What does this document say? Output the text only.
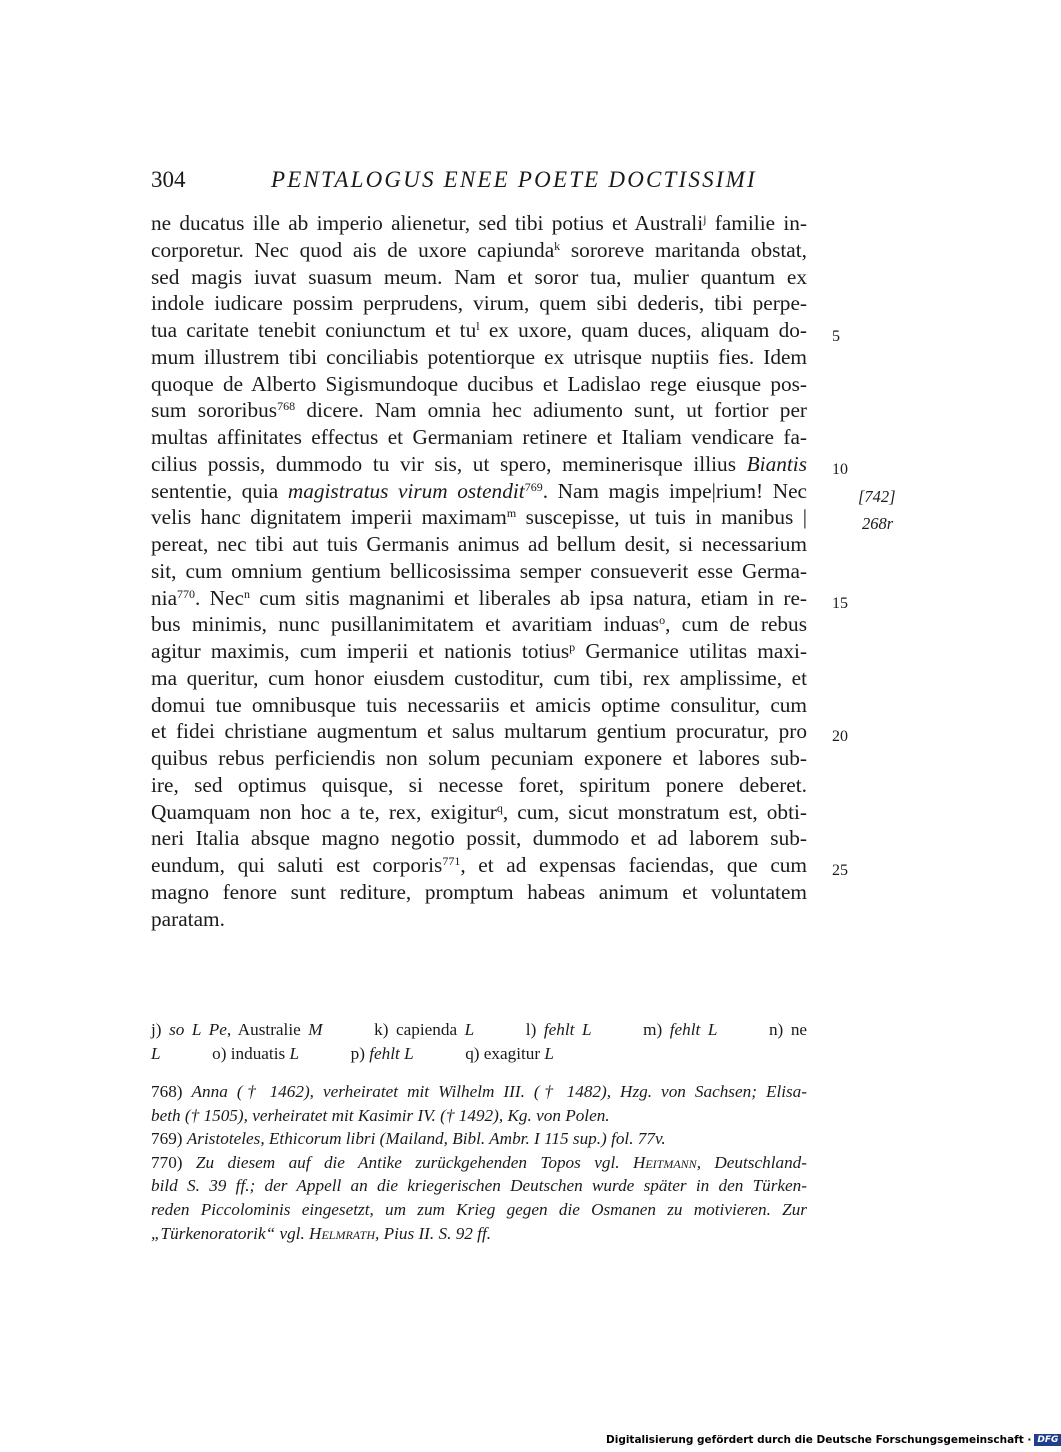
304	PENTALOGUS ENEE POETE DOCTISSIMI
ne ducatus ille ab imperio alienetur, sed tibi potius et Australi$^j$ familie in-
corporetur. Nec quod ais de uxore capiunda$^k$ sororeve maritanda obstat,
sed magis iuvat suasum meum. Nam et soror tua, mulier quantum ex
indole iudicare possim perprudens, virum, quem sibi dederis, tibi perpe-
tua caritate tenebit coniunctum et $tu^l$ ex uxore, quam duces, aliquam do-
mum illustrem tibi conciliabis potentiorque ex utrisque nuptiis fies. Idem
quoque de Alberto Sigismundoque ducibus et Ladislao rege eiusque pos-
sum sororibus$^{768}$ dicere. Nam omnia hec adiumento sunt, ut fortior per
multas affinitates effectus et Germaniam retinere et Italiam vendicare fa-
cilius possis, dummodo tu vir sis, ut spero, meminerisque illius Biantis
sententie, quia magistratus virum ostendit$^{769}$. Nam magis impe|rium! Nec
velis hanc dignitatem imperii maximam$^m$ suscepisse, ut tuis in manibus |
pereat, nec tibi aut tuis Germanis animus ad bellum desit, si necessarium
sit, cum omnium gentium bellicosissima semper consueverit esse Germa-
nia$^{770}$. Nec$^n$ cum sitis magnanimi et liberales ab ipsa natura, etiam in re-
bus minimis, nunc pusillanimitatem et avaritiam induas$^o$, cum de rebus
agitur maximis, cum imperii et nationis totius$^p$ Germanice utilitas maxi-
ma queritur, cum honor eiusdem custoditur, cum tibi, rex amplissime, et
domui tue omnibusque tuis necessariis et amicis optime consulitur, cum
et fidei christiane augmentum et salus multarum gentium procuratur, pro
quibus rebus perficiendis non solum pecuniam exponere et labores sub-
ire, sed optimus quisque, si necesse foret, spiritum ponere deberet.
Quamquam non hoc a te, rex, exigitur$^q$, cum, sicut monstratum est, obti-
neri Italia absque magno negotio possit, dummodo et ad laborem sub-
eundum, qui saluti est corporis$^{771}$, et ad expensas faciendas, que cum
magno fenore sunt rediture, promptum habeas animum et voluntatem
paratam.
5
10
15
20
25
[742]
268r
j) so L Pe, Australie M   	k) capienda L   	l) fehlt L   	m) fehlt L   	n) ne
L   	o) induatis L   	p) fehlt L   	q) exagitur L
768) Anna († 1462), verheiratet mit Wilhelm III. († 1482), Hzg. von Sachsen; Elisa-
beth († 1505), verheiratet mit Kasimir IV. († 1492), Kg. von Polen.
769) Aristoteles, Ethicorum libri (Mailand, Bibl. Ambr. I 115 sup.) fol. 77v.
770) Zu diesem auf die Antike zurückgehenden Topos vgl. Heitmann, Deutschland-
bild S. 39 ff.; der Appell an die kriegerischen Deutschen wurde später in den Türken-
reden Piccolominis eingesetzt, um zum Krieg gegen die Osmanen zu motivieren. Zur
„Türkenoratorik“ vgl. Helmrath, Pius II. S. 92 ff.
Digitalisierung gefördert durch die Deutsche Forschungsgemeinschaft · DFG
